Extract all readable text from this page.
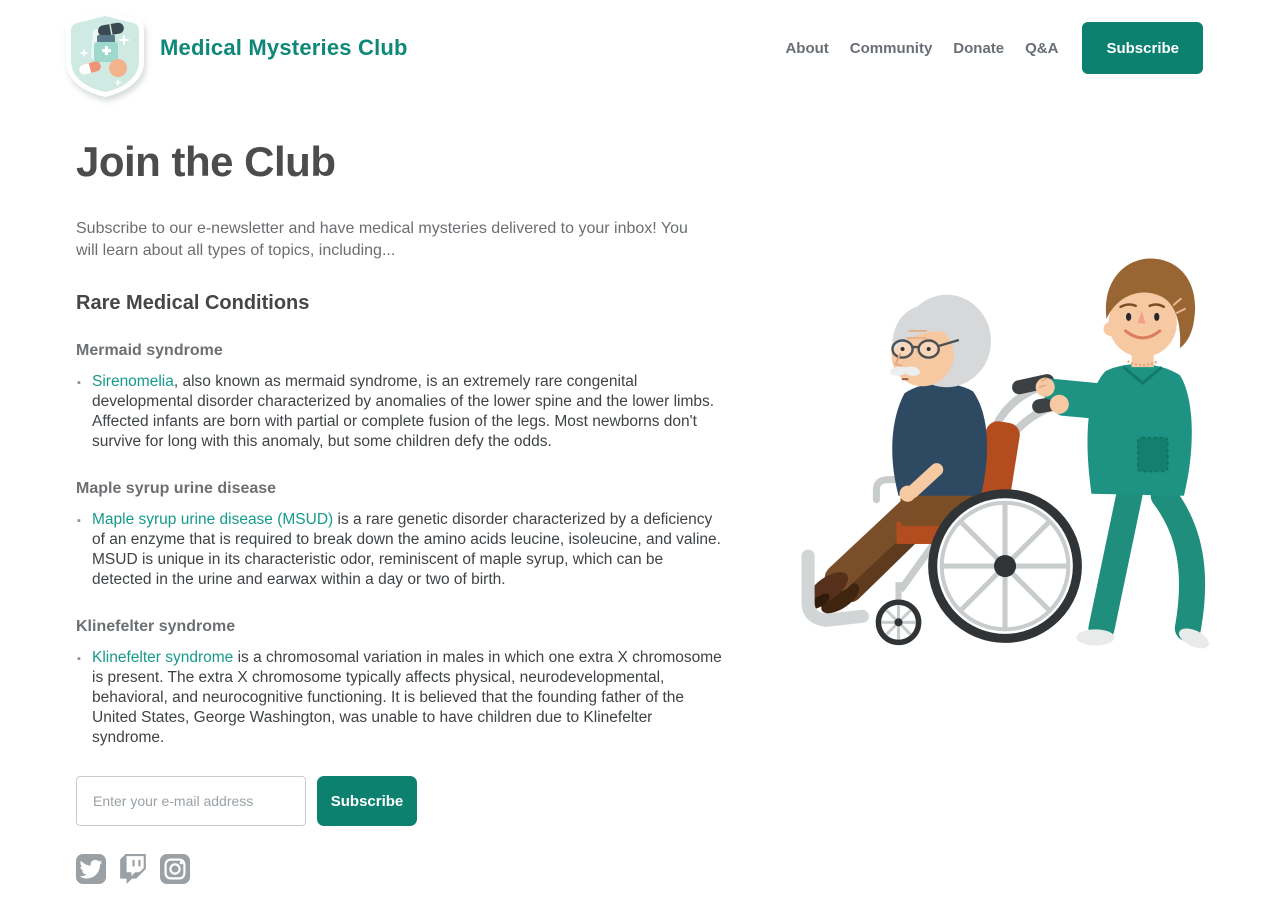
Medical Mysteries Club	About Community Donate Q&A	Subscribe
Join the Club

Subscribe to our e-newsletter and have medical mysteries delivered to your inbox! You will learn about all types of topics, including...

Rare Medical Conditions
Mermaid syndrome
▪ Sirenomelia, also known as mermaid syndrome, is an extremely rare congenital developmental disorder characterized by anomalies of the lower spine and the lower limbs. Affected infants are born with partial or complete fusion of the legs. Most newborns don't survive for long with this anomaly, but some children defy the odds.
Maple syrup urine disease
▪ Maple syrup urine disease (MSUD) is a rare genetic disorder characterized by a deficiency of an enzyme that is required to break down the amino acids leucine, isoleucine, and valine. MSUD is unique in its characteristic odor, reminiscent of maple syrup, which can be detected in the urine and earwax within a day or two of birth.
Klinefelter syndrome
▪ Klinefelter syndrome is a chromosomal variation in males in which one extra X chromosome is present. The extra X chromosome typically affects physical, neurodevelopmental, behavioral, and neurocognitive functioning. It is believed that the founding father of the United States, George Washington, was unable to have children due to Klinefelter syndrome.
Enter your e-mail address
Subscribe
